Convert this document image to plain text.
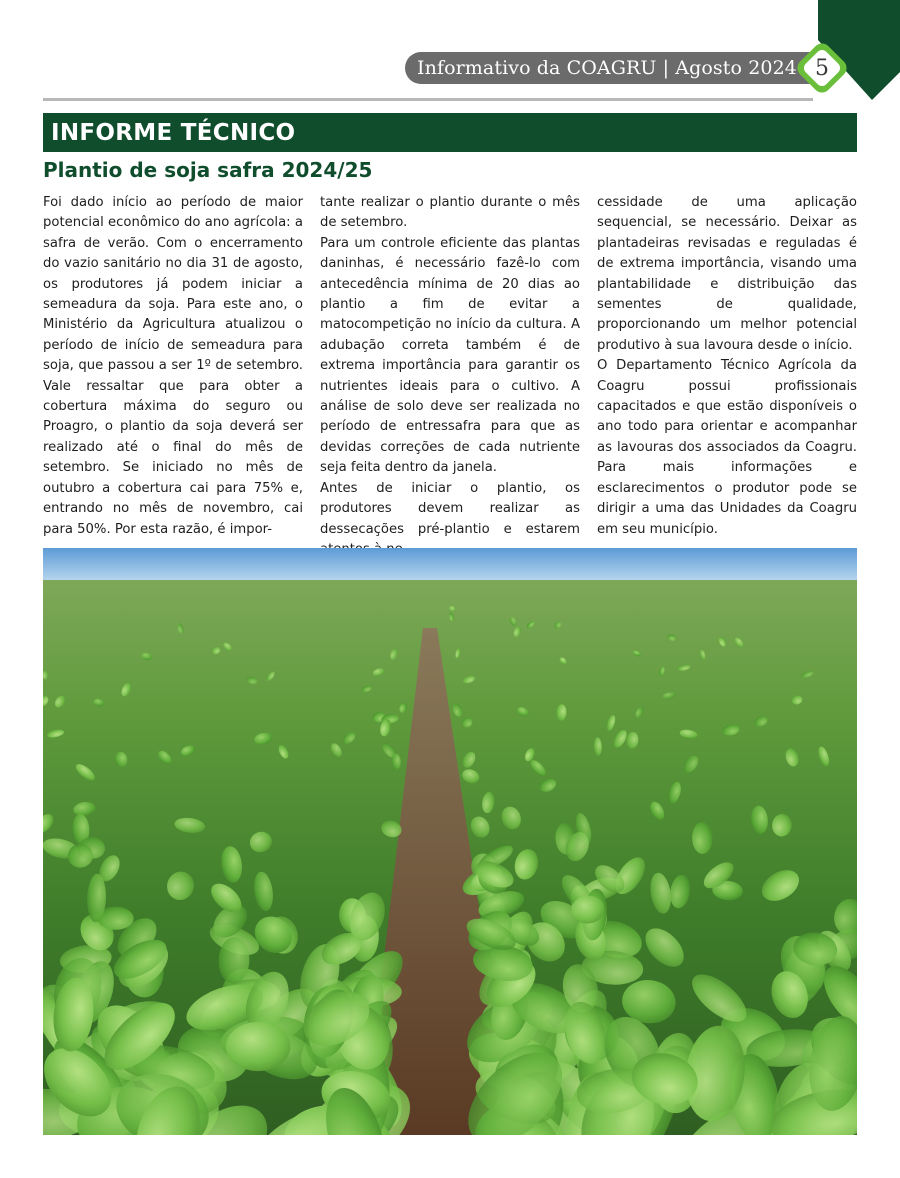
Informativo da COAGRU | Agosto 2024 5
INFORME TÉCNICO
Plantio de soja safra 2024/25

Foi dado início ao período de maior potencial econômico do ano agrícola: a safra de verão. Com o encerramento do vazio sanitário no dia 31 de agosto, os produtores já podem iniciar a semeadura da soja. Para este ano, o Ministério da Agricultura atualizou o período de início de semeadura para soja, que passou a ser 1º de setembro. Vale ressaltar que para obter a cobertura máxima do seguro ou Proagro, o plantio da soja deverá ser realizado até o final do mês de setembro. Se iniciado no mês de outubro a cobertura cai para 75% e, entrando no mês de novembro, cai para 50%. Por esta razão, é impor-

tante realizar o plantio durante o mês de setembro.

Para um controle eficiente das plantas daninhas, é necessário fazê-lo com antecedência mínima de 20 dias ao plantio a fim de evitar a matocompetição no início da cultura. A adubação correta também é de extrema importância para garantir os nutrientes ideais para o cultivo. A análise de solo deve ser realizada no período de entressafra para que as devidas correções de cada nutriente seja feita dentro da janela.

Antes de iniciar o plantio, os produtores devem realizar as dessecações pré-plantio e estarem

cessidade de uma aplicação sequencial, se necessário. Deixar as plantadeiras revisadas e reguladas é de extrema importância, visando uma plantabilidade e distribuição das sementes de qualidade, proporcionando um melhor potencial produtivo à sua lavoura desde o início.

O Departamento Técnico Agrícola da Coagru possui profissionais capacitados e que estão disponíveis o ano todo para orientar e acompanhar as lavouras dos associados da Coagru. Para mais informações e esclarecimentos o produtor pode se dirigir a uma das Unidades da Coagru em seu município.
